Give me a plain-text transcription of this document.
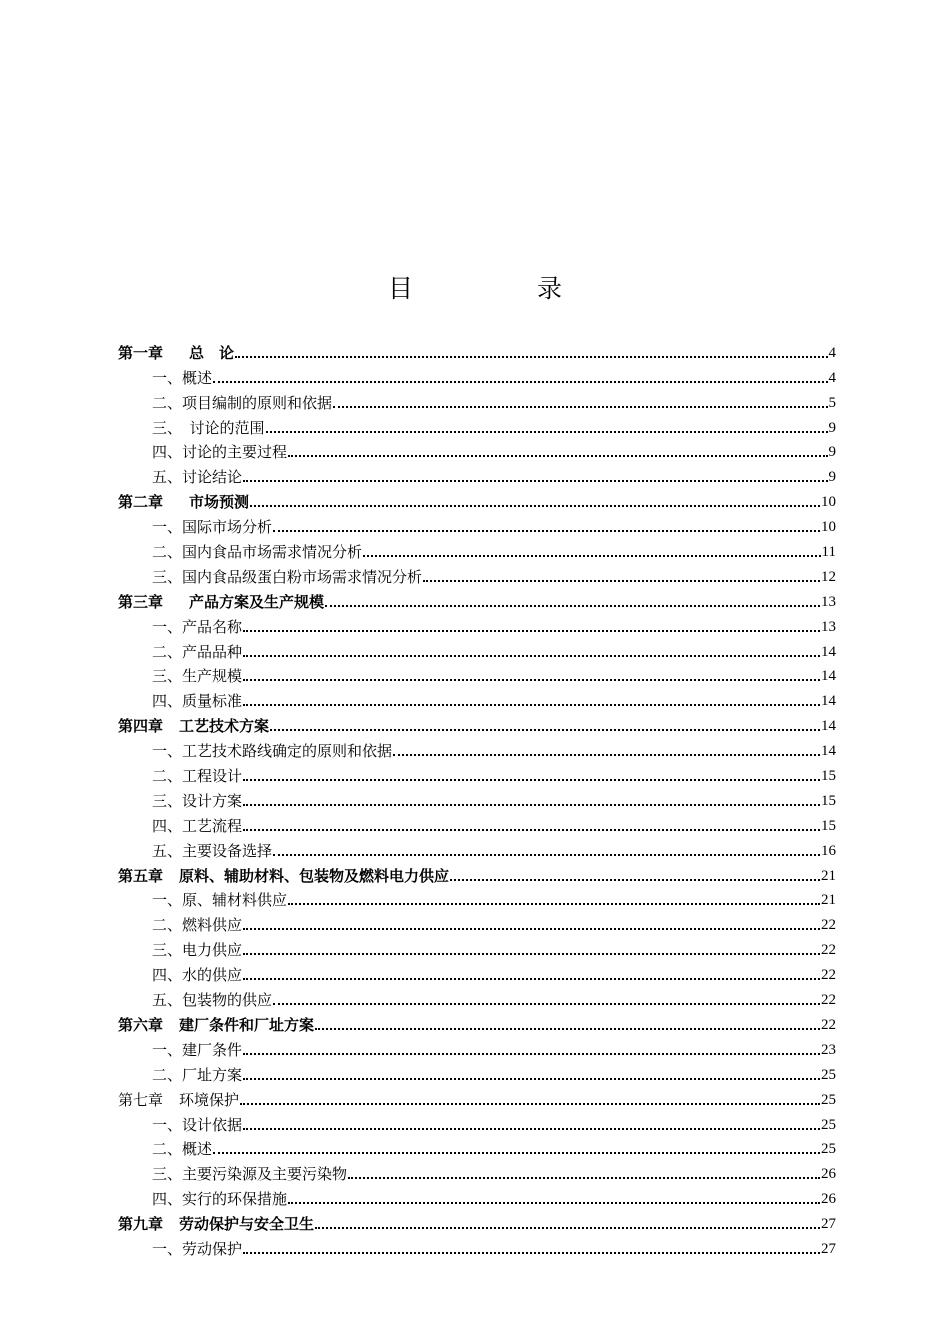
目 录
第一章 总　论	4
一、概述	4
二、项目编制的原则和依据	5
三、　讨论的范围	9
四、讨论的主要过程	9
五、讨论结论	9
第二章 市场预测	10
一、国际市场分析	10
二、国内食品市场需求情况分析	11
三、国内食品级蛋白粉市场需求情况分析	12
第三章 产品方案及生产规模	13
一、产品名称	13
二、产品品种	14
三、生产规模	14
四、质量标准	14
第四章 工艺技术方案	14
一、工艺技术路线确定的原则和依据	14
二、工程设计	15
三、设计方案	15
四、工艺流程	15
五、主要设备选择	16
第五章 原料、辅助材料、包装物及燃料电力供应	21
一、原、辅材料供应	21
二、燃料供应	22
三、电力供应	22
四、水的供应	22
五、包装物的供应	22
第六章 建厂条件和厂址方案	22
一、建厂条件	23
二、厂址方案	25
第七章 环境保护	25
一、设计依据	25
二、概述	25
三、主要污染源及主要污染物	26
四、实行的环保措施	26
第九章 劳动保护与安全卫生	27
一、劳动保护	27
